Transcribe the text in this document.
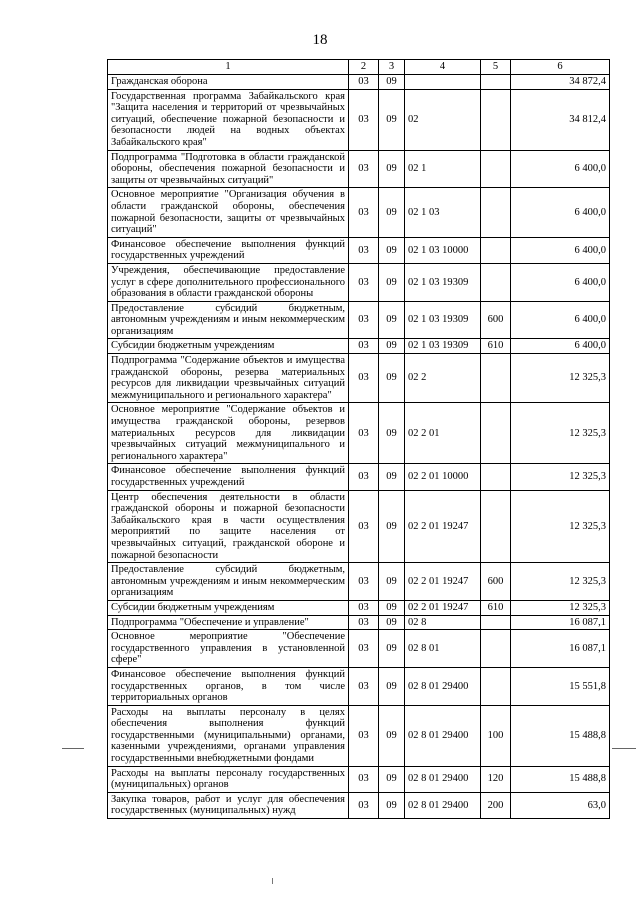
18
1	2	3	4	5	6
Гражданская оборона	03	09			34 872,4
Государственная программа Забайкальского края "Защита населения и территорий от чрезвычайных ситуаций, обеспечение пожарной безопасности и безопасности людей на водных объектах Забайкальского края"	03	09	02		34 812,4
Подпрограмма "Подготовка в области гражданской обороны, обеспечения пожарной безопасности и защиты от чрезвычайных ситуаций"	03	09	02 1		6 400,0
Основное мероприятие "Организация обучения в области гражданской обороны, обеспечения пожарной безопасности, защиты от чрезвычайных ситуаций"	03	09	02 1 03		6 400,0
Финансовое обеспечение выполнения функций государственных учреждений	03	09	02 1 03 10000		6 400,0
Учреждения, обеспечивающие предоставление услуг в сфере дополнительного профессионального образования в области гражданской обороны	03	09	02 1 03 19309		6 400,0
Предоставление субсидий бюджетным, автономным учреждениям и иным некоммерческим организациям	03	09	02 1 03 19309	600	6 400,0
Субсидии бюджетным учреждениям	03	09	02 1 03 19309	610	6 400,0
Подпрограмма "Содержание объектов и имущества гражданской обороны, резерва материальных ресурсов для ликвидации чрезвычайных ситуаций межмуниципального и регионального характера"	03	09	02 2		12 325,3
Основное мероприятие "Содержание объектов и имущества гражданской обороны, резервов материальных ресурсов для ликвидации чрезвычайных ситуаций межмуниципального и регионального характера"	03	09	02 2 01		12 325,3
Финансовое обеспечение выполнения функций государственных учреждений	03	09	02 2 01 10000		12 325,3
Центр обеспечения деятельности в области гражданской обороны и пожарной безопасности Забайкальского края в части осуществления мероприятий по защите населения от чрезвычайных ситуаций, гражданской обороне и пожарной безопасности	03	09	02 2 01 19247		12 325,3
Предоставление субсидий бюджетным, автономным учреждениям и иным некоммерческим организациям	03	09	02 2 01 19247	600	12 325,3
Субсидии бюджетным учреждениям	03	09	02 2 01 19247	610	12 325,3
Подпрограмма "Обеспечение и управление"	03	09	02 8		16 087,1
Основное мероприятие "Обеспечение государственного управления в установленной сфере"	03	09	02 8 01		16 087,1
Финансовое обеспечение выполнения функций государственных органов, в том числе территориальных органов	03	09	02 8 01 29400		15 551,8
Расходы на выплаты персоналу в целях обеспечения выполнения функций государственными (муниципальными) органами, казенными учреждениями, органами управления государственными внебюджетными фондами	03	09	02 8 01 29400	100	15 488,8
Расходы на выплаты персоналу государственных (муниципальных) органов	03	09	02 8 01 29400	120	15 488,8
Закупка товаров, работ и услуг для обеспечения государственных (муниципальных) нужд	03	09	02 8 01 29400	200	63,0
